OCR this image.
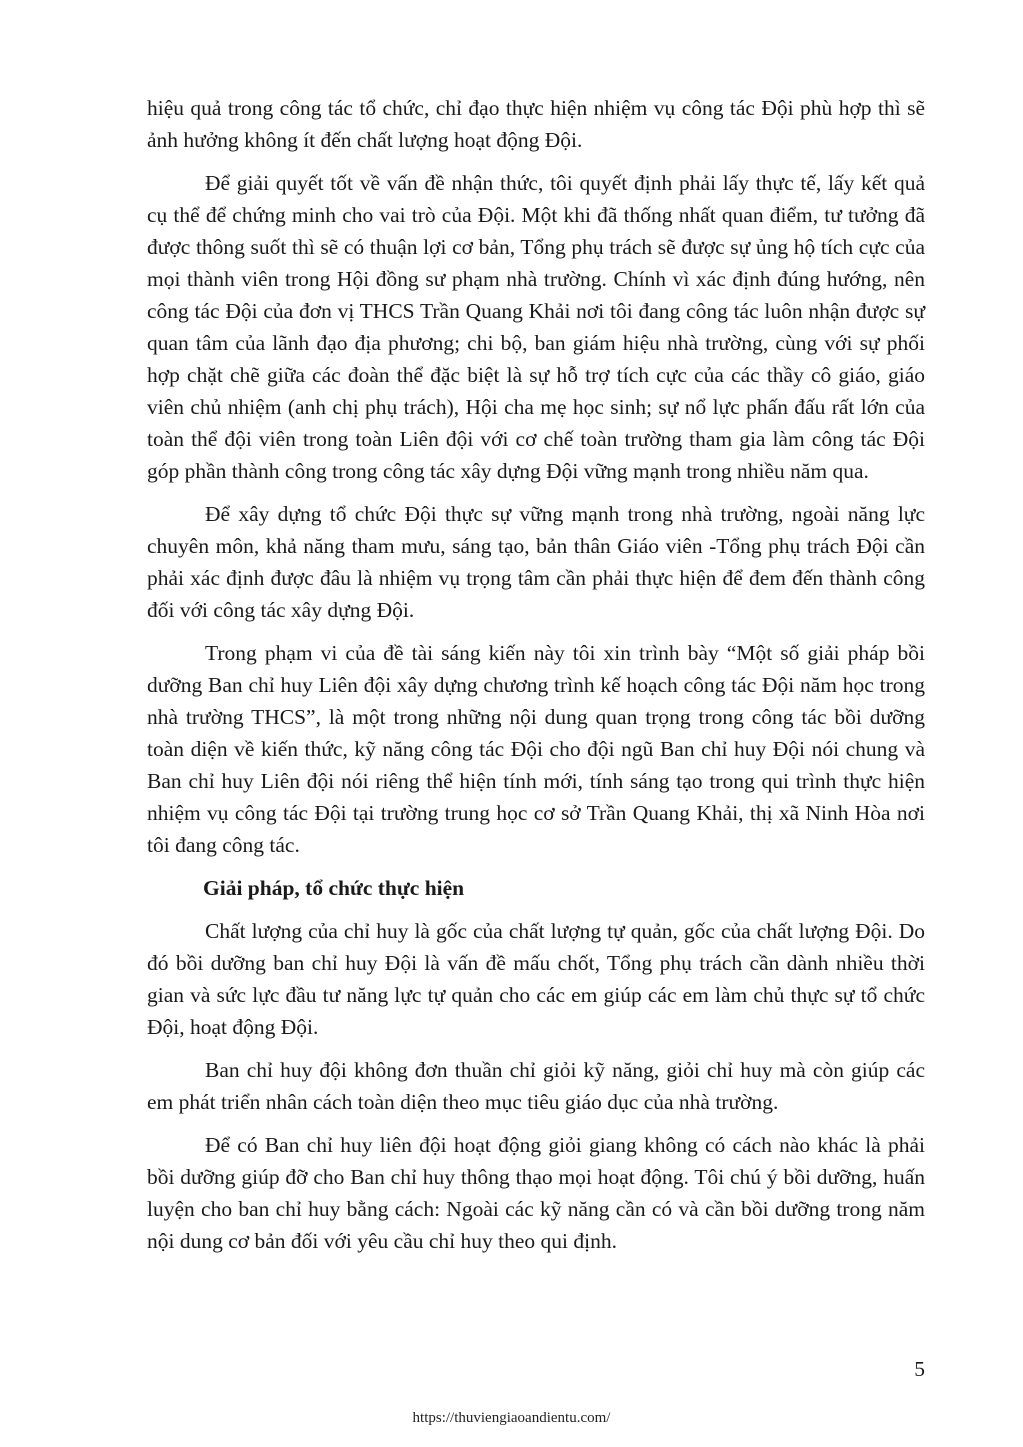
hiệu quả trong công tác tổ chức, chỉ đạo thực hiện nhiệm vụ công tác Đội phù hợp thì sẽ ảnh hưởng không ít đến chất lượng hoạt động Đội.

Để giải quyết tốt về vấn đề nhận thức, tôi quyết định phải lấy thực tế, lấy kết quả cụ thể để chứng minh cho vai trò của Đội. Một khi đã thống nhất quan điểm, tư tưởng đã được thông suốt thì sẽ có thuận lợi cơ bản, Tổng phụ trách sẽ được sự ủng hộ tích cực của mọi thành viên trong Hội đồng sư phạm nhà trường. Chính vì xác định đúng hướng, nên công tác Đội của đơn vị THCS Trần Quang Khải nơi tôi đang công tác luôn nhận được sự quan tâm của lãnh đạo địa phương; chi bộ, ban giám hiệu nhà trường, cùng với sự phối hợp chặt chẽ giữa các đoàn thể đặc biệt là sự hỗ trợ tích cực của các thầy cô giáo, giáo viên chủ nhiệm (anh chị phụ trách), Hội cha mẹ học sinh; sự nổ lực phấn đấu rất lớn của toàn thể đội viên trong toàn Liên đội với cơ chế toàn trường tham gia làm công tác Đội góp phần thành công trong công tác xây dựng Đội vững mạnh trong nhiều năm qua.

Để xây dựng tổ chức Đội thực sự vững mạnh trong nhà trường, ngoài năng lực chuyên môn, khả năng tham mưu, sáng tạo, bản thân Giáo viên -Tổng phụ trách Đội cần phải xác định được đâu là nhiệm vụ trọng tâm cần phải thực hiện để đem đến thành công đối với công tác xây dựng Đội.

Trong phạm vi của đề tài sáng kiến này tôi xin trình bày “Một số giải pháp bồi dưỡng Ban chỉ huy Liên đội xây dựng chương trình kế hoạch công tác Đội năm học trong nhà trường THCS”, là một trong những nội dung quan trọng trong công tác bồi dưỡng toàn diện về kiến thức, kỹ năng công tác Đội cho đội ngũ Ban chỉ huy Đội nói chung và Ban chỉ huy Liên đội nói riêng thể hiện tính mới, tính sáng tạo trong qui trình thực hiện nhiệm vụ công tác Đội tại trường trung học cơ sở Trần Quang Khải, thị xã Ninh Hòa nơi tôi đang công tác.

Giải pháp, tổ chức thực hiện

Chất lượng của chỉ huy là gốc của chất lượng tự quản, gốc của chất lượng Đội. Do đó bồi dưỡng ban chỉ huy Đội là vấn đề mấu chốt, Tổng phụ trách cần dành nhiều thời gian và sức lực đầu tư năng lực tự quản cho các em giúp các em làm chủ thực sự tổ chức Đội, hoạt động Đội.

Ban chỉ huy đội không đơn thuần chỉ giỏi kỹ năng, giỏi chỉ huy mà còn giúp các em phát triển nhân cách toàn diện theo mục tiêu giáo dục của nhà trường.

Để có Ban chỉ huy liên đội hoạt động giỏi giang không có cách nào khác là phải bồi dưỡng giúp đỡ cho Ban chỉ huy thông thạo mọi hoạt động. Tôi chú ý bồi dưỡng, huấn luyện cho ban chỉ huy bằng cách: Ngoài các kỹ năng cần có và cần bồi dưỡng trong năm nội dung cơ bản đối với yêu cầu chỉ huy theo qui định.

5
https://thuviengiaoandientu.com/
